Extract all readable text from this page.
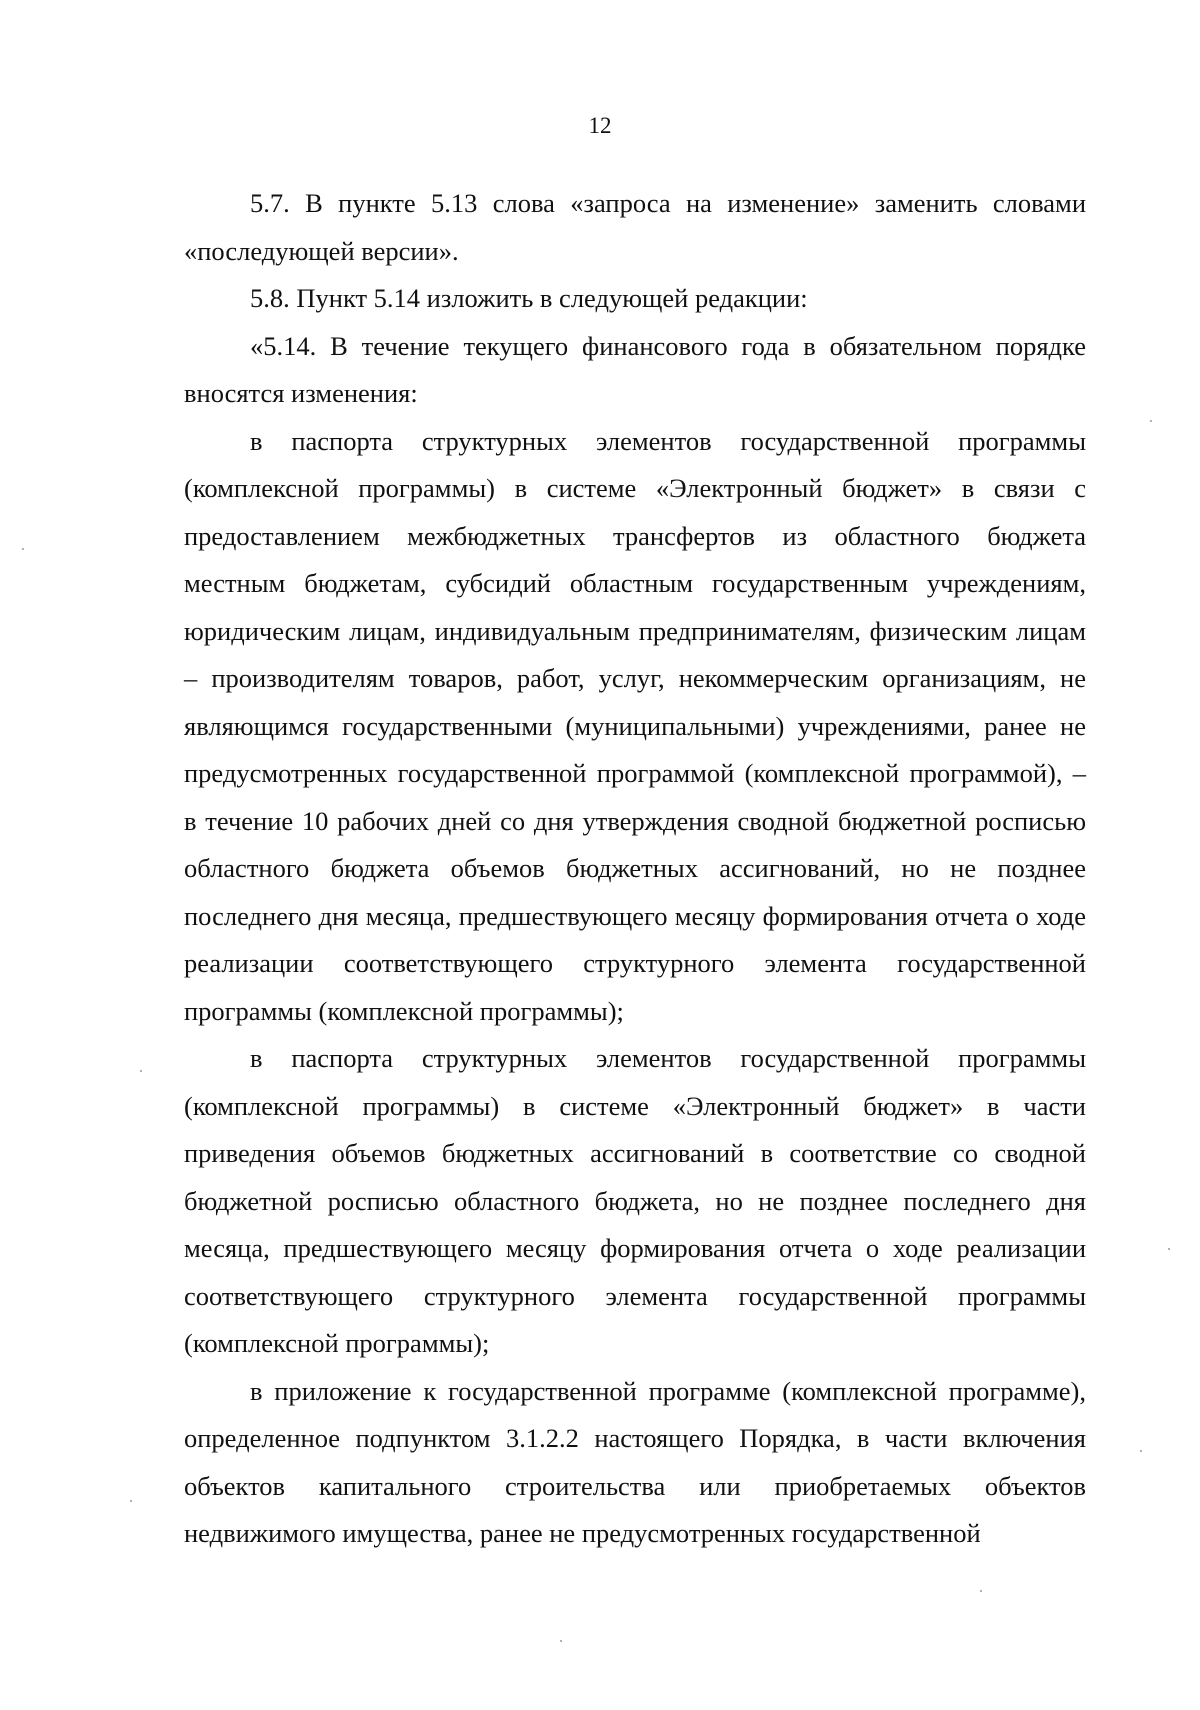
12

5.7. В пункте 5.13 слова «запроса на изменение» заменить словами «последующей версии».

5.8. Пункт 5.14 изложить в следующей редакции:

«5.14. В течение текущего финансового года в обязательном порядке вносятся изменения:

в паспорта структурных элементов государственной программы (комплексной программы) в системе «Электронный бюджет» в связи с предоставлением межбюджетных трансфертов из областного бюджета местным бюджетам, субсидий областным государственным учреждениям, юридическим лицам, индивидуальным предпринимателям, физическим лицам – производителям товаров, работ, услуг, некоммерческим организациям, не являющимся государственными (муниципальными) учреждениями, ранее не предусмотренных государственной программой (комплексной программой), – в течение 10 рабочих дней со дня утверждения сводной бюджетной росписью областного бюджета объемов бюджетных ассигнований, но не позднее последнего дня месяца, предшествующего месяцу формирования отчета о ходе реализации соответствующего структурного элемента государственной программы (комплексной программы);

в паспорта структурных элементов государственной программы (комплексной программы) в системе «Электронный бюджет» в части приведения объемов бюджетных ассигнований в соответствие со сводной бюджетной росписью областного бюджета, но не позднее последнего дня месяца, предшествующего месяцу формирования отчета о ходе реализации соответствующего структурного элемента государственной программы (комплексной программы);

в приложение к государственной программе (комплексной программе), определенное подпунктом 3.1.2.2 настоящего Порядка, в части включения объектов капитального строительства или приобретаемых объектов недвижимого имущества, ранее не предусмотренных государственной
